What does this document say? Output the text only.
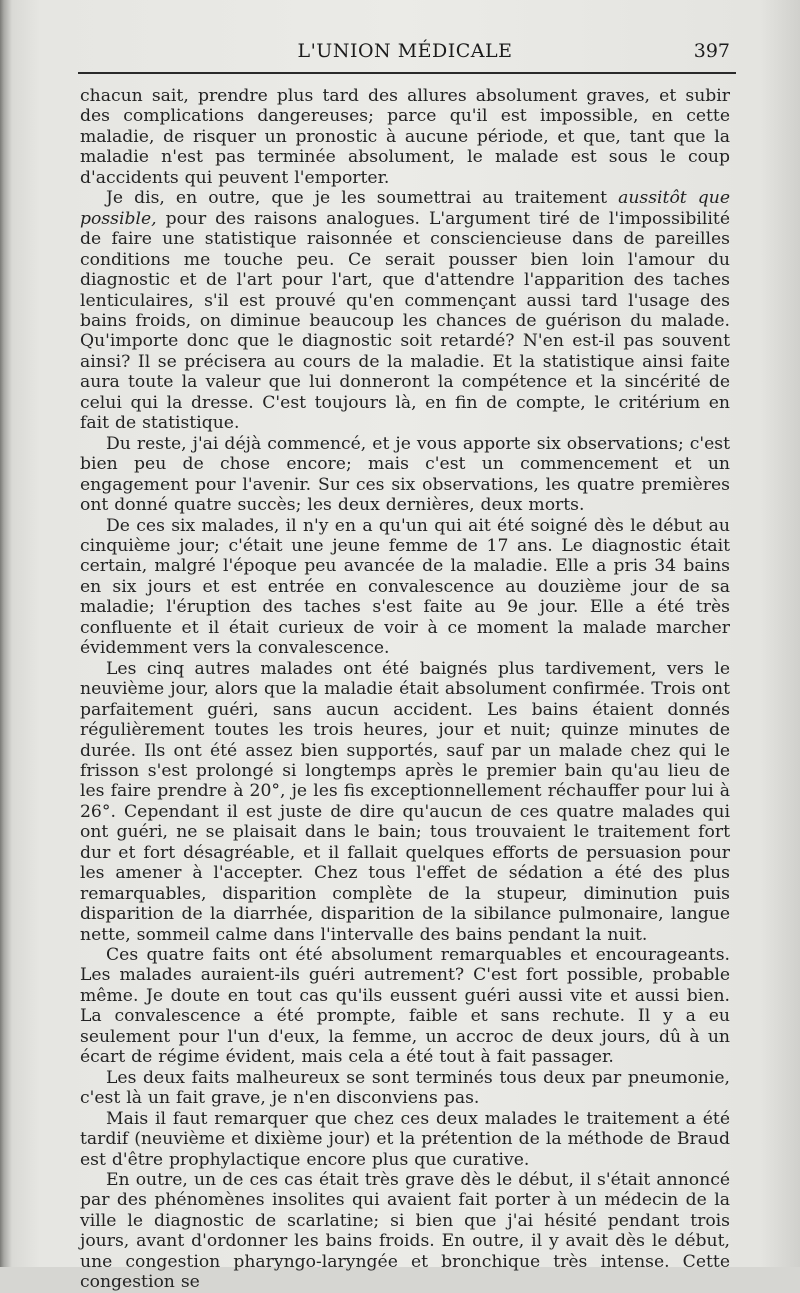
L'UNION MÉDICALE	397

chacun sait, prendre plus tard des allures absolument graves, et subir des complications dangereuses; parce qu'il est impossible, en cette maladie, de risquer un pronostic à aucune période, et que, tant que la maladie n'est pas terminée absolument, le malade est sous le coup d'accidents qui peuvent l'emporter.

Je dis, en outre, que je les soumettrai au traitement aussitôt que possible, pour des raisons analogues. L'argument tiré de l'impossibilité de faire une statistique raisonnée et consciencieuse dans de pareilles conditions me touche peu. Ce serait pousser bien loin l'amour du diagnostic et de l'art pour l'art, que d'attendre l'apparition des taches lenticulaires, s'il est prouvé qu'en commençant aussi tard l'usage des bains froids, on diminue beaucoup les chances de guérison du malade. Qu'importe donc que le diagnostic soit retardé? N'en est-il pas souvent ainsi? Il se précisera au cours de la maladie. Et la statistique ainsi faite aura toute la valeur que lui donneront la compétence et la sincérité de celui qui la dresse. C'est toujours là, en fin de compte, le critérium en fait de statistique.

Du reste, j'ai déjà commencé, et je vous apporte six observations; c'est bien peu de chose encore; mais c'est un commencement et un engagement pour l'avenir. Sur ces six observations, les quatre premières ont donné quatre succès; les deux dernières, deux morts.

De ces six malades, il n'y en a qu'un qui ait été soigné dès le début au cinquième jour; c'était une jeune femme de 17 ans. Le diagnostic était certain, malgré l'époque peu avancée de la maladie. Elle a pris 34 bains en six jours et est entrée en convalescence au douzième jour de sa maladie; l'éruption des taches s'est faite au 9e jour. Elle a été très confluente et il était curieux de voir à ce moment la malade marcher évidemment vers la convalescence.

Les cinq autres malades ont été baignés plus tardivement, vers le neuvième jour, alors que la maladie était absolument confirmée. Trois ont parfaitement guéri, sans aucun accident. Les bains étaient donnés régulièrement toutes les trois heures, jour et nuit; quinze minutes de durée. Ils ont été assez bien supportés, sauf par un malade chez qui le frisson s'est prolongé si longtemps après le premier bain qu'au lieu de les faire prendre à 20°, je les fis exceptionnellement réchauffer pour lui à 26°. Cependant il est juste de dire qu'aucun de ces quatre malades qui ont guéri, ne se plaisait dans le bain; tous trouvaient le traitement fort dur et fort désagréable, et il fallait quelques efforts de persuasion pour les amener à l'accepter. Chez tous l'effet de sédation a été des plus remarquables, disparition complète de la stupeur, diminution puis disparition de la diarrhée, disparition de la sibilance pulmonaire, langue nette, sommeil calme dans l'intervalle des bains pendant la nuit.

Ces quatre faits ont été absolument remarquables et encourageants. Les malades auraient-ils guéri autrement? C'est fort possible, probable même. Je doute en tout cas qu'ils eussent guéri aussi vite et aussi bien. La convalescence a été prompte, faible et sans rechute. Il y a eu seulement pour l'un d'eux, la femme, un accroc de deux jours, dû à un écart de régime évident, mais cela a été tout à fait passager.

Les deux faits malheureux se sont terminés tous deux par pneumonie, c'est là un fait grave, je n'en disconviens pas.

Mais il faut remarquer que chez ces deux malades le traitement a été tardif (neuvième et dixième jour) et la prétention de la méthode de Braud est d'être prophylactique encore plus que curative.

En outre, un de ces cas était très grave dès le début, il s'était annoncé par des phénomènes insolites qui avaient fait porter à un médecin de la ville le diagnostic de scarlatine; si bien que j'ai hésité pendant trois jours, avant d'ordonner les bains froids. En outre, il y avait dès le début, une congestion pharyngo-laryngée et bronchique très intense. Cette congestion se
